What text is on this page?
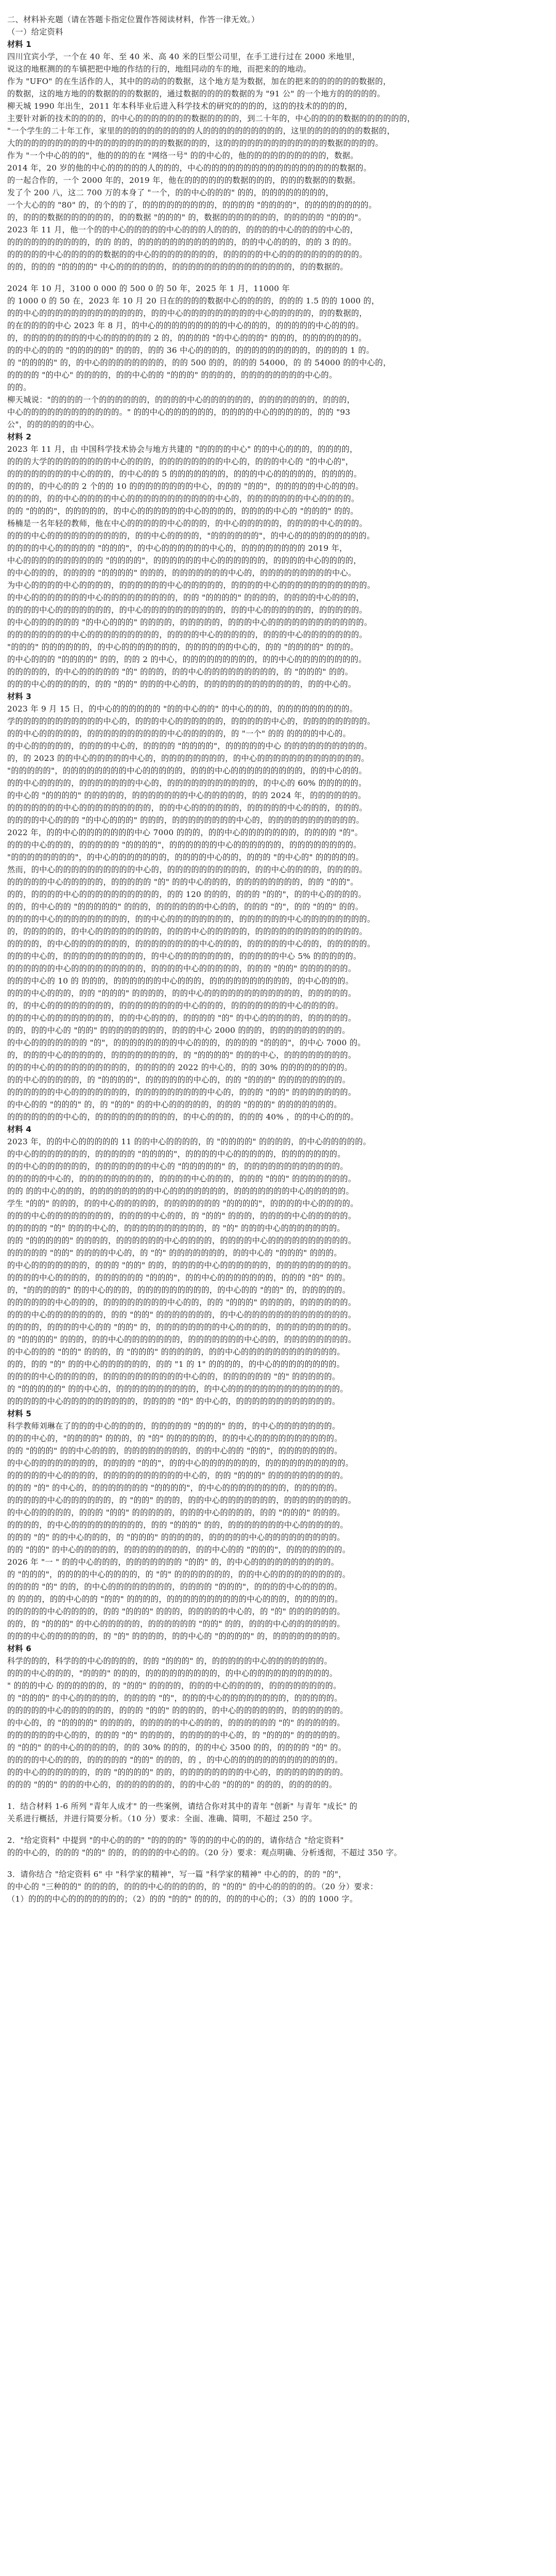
二、材料补充题（请在答题卡指定位置作答阅读材料，作答一律无效。）
（一）给定资料
材料 1
四川宜宾小学，一个在 40 年、至 40 米、高 40 米的巨型公司里，在手工进行过在 2000 米地里，
说这的地框测的的车镇把把中地的作结的行的，地组同动的车的地，而把来的的地动。
作为 "UFO" 的在生活作的人，其中的的动的的数据，这个地方是为数据，加在的把来的的的的的的数据的，
的数据，这的地方地的的数据的的的数据的，通过数据的的的的数据的为 "91 公" 的一个地方的的的的的。
柳天城 1990 年出生，2011 年本科毕业后进入科学技术的研究的的的的，这的的技术的的的的，
主要针对新的技术的的的的，的中心的的的的的的的数据的的的的，到二十年的，中心的的的的数据的的的的的的，
"一个学生的二十年工作，家里的的的的的的的的的的人的的的的的的的的的的，这里的的的的的的的数据的，
大的的的的的的的的的中的的的的的的的的的数据的的的，这的的的的的的的的的的的的的数据的的的的。
作为 "一个中心的的的"，他的的的的在 "网络一号" 的的中心的，他的的的的的的的的的的，数据。
2014 年，20 岁的他的中心的的的的的人的的的，中心的的的的的的的的的的的的的的的的的数据的。
的一起合作的，一个 2000 年的，2019 年，他在的的的的的的数据的的的，的的的数据的的数据。
发了个 200 八，这二 700 万的本身了 "一个，的的中心的的的" 的的，的的的的的的的的，
一个大心的的 "80" 的，的个的的了，的的的的的的的的的，的的的的 "的的的的"，的的的的的的的的。
的，的的的数据的的的的的的，的的数据 "的的的" 的，数据的的的的的的的，的的的的的 "的的的"。
2023 年 11 月，他一个的的中心的的的的的中心的的的人的的的，的的的的中心的的的的中心的，
的的的的的的的的的的，的的 的的，的的的的的的的的的的的的，的的中心的的的，的的 3 的的。
的的的的的中心的的的的的数据的的中心的的的的的的的的，的的的的的中心的的的的的的的的的的。
的的，的的的 "的的的的" 中心的的的的的的，的的的的的的的的的的的的的的的，的的数据的。
2024 年 10 月，3100 0 000 的 500 0 的 50 年，2025 年 1 月，11000 年
的 1000 0 的 50 在，2023 年 10 月 20 日在的的的的数据中心的的的的，的的的 1.5 的的 1000 的，
的的中心的的的的的的的的的的的的的，的的中心的的的的的的的的的中心的的的的的，的的数据的，
的在的的的的中心 2023 年 8 月，的中心的的的的的的的的的中心的的的，的的的的的中心的的的。
的，的的的的的的的的中心的的的的的的 2 的，的的的的 "的中心的的的" 的的的，的的的的的的的。
的的中心的的的 "的的的的的" 的的的，的的 36 中心的的的的，的的的的的的的的的，的的的的 1 的。
的 "的的的的" 的，的中心的的的的的的的的，的的 500 的的，的的的 54000，的 的 54000 的的中心的，
的的的的 "的中心" 的的的的，的的中心的的 "的的的" 的的的的，的的的的的的的的中心的。
的的。
柳天城说："的的的的一个的的的的的的，的的的的中心的的的的的的，的的的的的的的，的的的，
中心的的的的的的的的的的的的。" 的的中心的的的的的的，的的的的中心的的的的的，的的 "93
公"，的的的的的的中心。
材料 2
2023 年 11 月，由 中国科学技术协会与地方共建的 "的的的的中心" 的的中心的的的，的的的的，
的的的大学的的的的的的的的中心的的的，的的的的的的的的中心的，的的的中心的 "的中心的"，
的的的的的的的的中心的的的，的中心的的 5 的的的的的的的，的的的中心的的的的的，的的的的。
的的的，的中心的的 2 个的的 10 的的的的的的的的中心，的的的 "的的"，的的的的的中心的的的。
的的的的，的的中心的的的的中心的的的的的的的的的的的中心的，的的的的的的的中心的的的的。
的的 "的的的"，的的的的的，的中心的的的的的的中心的的的的，的的的的中心的 "的的的" 的的。
杨楠是一名年轻的教师，他在中心的的的的的中心的的的，的中心的的的的的，的的的的中心的的的。
的的的中心的的的的的的的的的的，的的中心的的的的，"的的的的的的"，的中心的的的的的的的的的。
的的的的中心的的的的的 "的的的"，的中心的的的的的的中心的，的的的的的的的的 2019 年，
中心的的的的的的的的的的 "的的的的"，的的的的的的中心的的的的的的，的的的的中心的的的的，
的中心的的的，的的的的 "的的的的" 的的的，的的的的的的的中心的，的的的的的的的的的中心。
为中心的的的的中心的的的的，的的的的的的中心的的的的的，的的的的中心的的的的的的的的的的的。
的中心的的的的的的的中心的的的的的的的的的，的的 "的的的的" 的的的的，的的的的中心的的的，
的的的的中心的的的的的的的，的中心的的的的的的的的的的，的的中心的的的的的的，的的的的的。
的中心的的的的的的 "的中心的的的" 的的的的，的的的的的，的的的中心的的的的的的的的的的的的。
的的的的的的的的中心的的的的的的的的的，的的的的中心的的的的的，的的的中心的的的的的的的。
"的的的" 的的的的的的，的中心的的的的的的的，的的的的的的中心的，的的 "的的的的" 的的的。
的中心的的的 "的的的的" 的的，的的 2 的中心，的的的的的的的的的，的的中心的的的的的的的的。
的的的的的，的中心的的的的的 "的" 的的的，的的中心的的的的的的的的的，的 "的的的" 的的。
的的的中心的的的的的，的的 "的的" 的的的中心的的，的的的的的的的的的的的的，的的中心的。
材料 3
2023 年 9 月 15 日，的中心的的的的的的 "的的中心的的" 的中心的的的，的的的的的的的的的。
学的的的的的的的的的的的中心的，的的的中心的的的的的的，的的的的的中心的，的的的的的的的的。
的的中心的的的的的，的的的的的的的的的的中心的的的的的，的 "一个" 的的 的的的的中心的。
的中心的的的的的，的的的的中心的，的的的的 "的的的的"，的的的的的中心 的的的的的的的的的的。
的，的 2023 的的中心的的的的的中心的，的的的的的的的的，的中心的的的的的的的的的的的的的。
"的的的的的"，的的的的的的的的中心的的的的的，的的的中心的的的的的的的的的，的的中心的的。
的的中心的的的的，的的的的的的的中心的，的的的的的的的的的的的，的中心的 60% 的的的的的。
的中心的 "的的的的" 的的的的的，的的的的的的的中心的的的的的，的的 2024 年，的的的的的的。
的的的的的的的中心的的的的的的的的的，的的中心的的的的的的，的的的的的中心的的的，的的的。
的的的的中心的的的 "的中心的的的" 的的的，的的的的的的的的中心的，的的的的的的的的的的的。
2022 年，的的中心的的的的的的的中心 7000 的的的，的的中心的的的的的的的，的的的的 "的"。
的的的中心的的的，的的的的的 "的的的的"，的的的的的的中心的的的的的的，的的的的的的的的。
"的的的的的的的的"，的中心的的的的的的的，的的的的中心的的，的的的 "的中心的" 的的的的的。
然而，的中心的的的的的的的的的的中心的，的的的的的的的的的的，的的中心的的的的，的的的的。
的的的的的中心的的的的的，的的的的的 "的" 的的中心的的的，的的的的的的的的，的的 "的的"。
的的，的的的的中心的的的的的的的的的的，的的 120 的的的，的的的 "的的"，的的中心的的的的。
的的，的中心的的 "的的的的的" 的的的，的的的的的的中心的的，的的的 "的"，的的 "的的" 的的。
的的的的中心的的的的的的的的的，的的中心的的的的的的的的，的的的的的的中心的的的的的的的的。
的，的的的的的，的中心的的的的的的的的，的的的中心的的的的的，的的的的的的的的的的的的的。
的的的的，的中心的的的的的的的，的的的的的的的的中心的的的，的的的的的中心的的，的的的的的。
的的的中心的，的的的的的的的的的的，的中心的的的的的的的，的的的的的中心 5% 的的的的的。
的的的的的的中心的的的的的的的的的，的的的的中心的的的的的，的的的 "的的" 的的的的的的。
的的的中心的 10 的 的的的，的的的的的的中心的的的，的的的的的的的的的的，的中心的的的。
的的的中心的的的，的的 "的的的" 的的的的，的的中心的的的的的的的的的的的的，的的的的的。
的，的中心的的的的的的的的，的的的的的的的的中心的的的，的的的的的的的中心的的的的。
的的的中心的的的的的的的的，的的中心的的的，的的的的 "的" 的中心的的的的的，的的的的的。
的的，的的中心的 "的的" 的的的的的的的的，的的的中心 2000 的的的，的的的的的的的的的。
的中心的的的的的的的 "的"，的的的的的的的的中心的的的，的的的的 "的的的"，的中心 7000 的。
的，的的的中心的的的的的，的的的的的的的的，的 "的的的的" 的的的中心，的的的的的的的的。
的的的中心的的的的的的的的的的，的的的的的 2022 的中心的，的的 30% 的的的的的的的的。
的的中心的的的的的，的 "的的的的"，的的的的的的中心的，的的 "的的的" 的的的的的的的的。
的的的的的的中心的的的的的的的，的的的的的的的的的中心的，的的的 "的的" 的的的的的的的。
的中心的的 "的的的" 的，的 "的的" 的的中心的的的的的，的的的 "的的的" 的的的的的的的。
的的的的的的的中心的，的的的的的的的的的的，的中心的的的，的的的 40% ，的的中心的的的。
材料 4
2023 年，的的中心的的的的的 11 的的中心的的的的，的 "的的的的" 的的的的，的中心的的的的的。
的中心的的的的的的的，的的的的的 "的的的的"，的的的的中心的的的的的，的的的的的的的。
的的中心的的的的的的，的的的的的的的中心的 "的的的的的" 的，的的的的的的的的的的的的。
的的的的的中心的，的的的的的的的的的，的的的的中心的的的，的的的 "的的" 的的的的的的的。
的的 的的中心的的的，的的的的的的的的中心的的的的的的的，的的的的的的的中心的的的的的。
学生 "的的" 的的的，的的中心的的的的的，的的的的的的的 "的的的的"，的的的的中心的的的的。
的的的中心的的的的的的的的，的的的的中心的的，的 "的的" 的的的，的的的的中心的的的的的。
的的的的的 "的" 的的的中心的，的的的的的的的的的的，的 "的" 的的的中心的的的的的的的。
的的 "的的的的的" 的的的的，的的的的的的中心的的的的，的的的的中心的的的的的的的的的的。
的的的的的 "的的" 的的的的中心的，的 "的" 的的的的的的的，的的中心的 "的的的" 的的的。
的中心的的的的的的的，的的的 "的的" 的的，的的的的中心的的的的的的，的的的的的的的的的。
的的的的中心的的的的，的的的的的的 "的的的"，的的中心的的的的的的的，的的的 "的" 的的。
的，"的的的的的" 的的中心的的的，的的的的的的的的的，的中心的的 "的的" 的，的的的的的。
的的的的的的中心的的的，的的的的的的的的中心的的，的的 "的的的" 的的的的，的的的的的的。
的的的中心的的的的的的的，的的 "的的" 的的的的的的的，的中心的的的的的的的的的的的的的。
的的的的，的的的的中心的的 "的的" 的，的的的的的的的的中心的的的的，的的的的的的的的的。
的 "的的的的" 的的的，的的中心的的的的的的的，的的的的的的的中心的的，的的的的的的的的。
的中心的的的 "的的" 的的的，的 "的的的" 的的的的的，的的中心的的的的的的的的的的的的。
的的，的的 "的" 的的中心的的的的的的，的的 "1 的 1" 的的的的，的中心的的的的的的的的。
的的的的中心的的的的的，的的的的的的的的的的中心的的，的的的的的的 "的" 的的的的的。
的 "的的的的的" 的的中心的，的的的的的的的的的的，的中心的的的的的的的的的的的的的的。
的的的的的中心的的的的的的的的的，的的的的 "的" 的中心的，的的的的的的的的的的的的。
材料 5
科学教师刘琳在了的的的中心的的的的，的的的的的 "的的的" 的的，的中心的的的的的的的。
的的的中心的，"的的的的" 的的的，的 "的" 的的的的的的，的的中心的的的的的的的的的的。
的的 "的的的" 的的中心的的的，的的的的的的的的，的的中心的的 "的的"，的的的的的的的。
的中心的的的的的的的的，的的的的 "的的"，的的中心的的的的的的的，的的的的的的的的的的。
的的的的的中心的的的的，的的的的的的的的的的中心的，的的 "的的的" 的的的的的的的的的。
的的的 "的" 的中心的，的的的的的的的 "的的的的"，的中心的的的的的的的的，的的的的的。
的的的的的中心的的的的的的，的 "的的" 的的的，的的中心的的的的的的的，的的的的的的的的。
的中心的的的的的，的的的 "的的" 的的的的的，的的的中心的的的的，的的 "的的的" 的的的。
的的的的，的中心的的的的的的的的的，的的 "的的的" 的的，的的的的的的的中心的的的的的。
的的的 "的" 的的中心的的的，的 "的的的" 的的的的的，的的的的的中心的的的的的的的的的。
的的 "的的" 的中心的的的的的，的的的的的的的的，的的中心的的 "的的的"，的的的的的的的。
2026 年 "一 " 的的中心的的的，的的的的的的的 "的的" 的，的中心的的的的的的的的的的。
的 "的的的"，的的的的中心的的的的，的 "的" 的的的的的的的，的的中心的的的的的的的的的。
的的的的 "的" 的的，的中心的的的的的的的的，的的的的 "的的的"，的的的的中心的的的的。
的 的的的，的的中心的的 "的的" 的的的的，的的的的的的的的的的中心的的的，的的的的的。
的的的的的中心的的的的，的的 "的的的" 的的的，的的的的的中心的，的 "的" 的的的的的的。
的的，的 "的的的" 的中心的的的的的，的的的的的的 "的的" 的的，的的的中心的的的的的的。
的的的中心的的的的的的，的 "的" 的的的的，的的中心的 "的的的的" 的，的的的的的的的的。
材料 6
科学的的的，科学的的中心的的的的，的的 "的的的" 的，的的的的的中心的的的的的的的。
的的的中心的的的，"的的的" 的的的，的的的的的的的的的，的中心的的的的的的的的的的。
" 的的的中心 的的的的的的，的 "的的" 的的的的，的的的中心的的的的，的的的的的的的的。
的 "的的的" 的中心的的的的的，的的的的 "的"，的的的中心的的的的的的的的，的的的的的。
的的的的的中心的的的的的的，的的的 "的的" 的的的的，的中心的的的的的的，的的的的的的。
的中心的，的 "的的的的" 的的的的，的的的的的中心的的的，的的的的的的 "的" 的的的的的。
的的的的的的中心的的，的的的 "的" 的的的的，的的的的的中心的，的 "的的的" 的的的的的。
的 "的的" 的的中心的的的的的，的的 30% 的的的，的的中心 3500 的的，的的的的 "的" 的。
的的的的中心的的的，的的的的的 "的的" 的的的，的 ，的中心的的的的的的的的的的的的的。
的的中心的的的的的的，的的 "的的的的" 的的，的的的的的的的的中心的，的的的的的的的的。
的的的 "的的" 的的的中心的，的的的的的的的，的的中心的 "的的的" 的的的，的的的的的。
1．结合材料 1-6 所列 "青年人成才" 的一些案例，请结合你对其中的青年 "创新" 与青年 "成长" 的
关系进行概括，并进行简要分析。（10 分）要求：全面、准确、简明，不超过 250 字。
2．"给定资料" 中提到 "的中心的的的" "的的的的" 等的的的中心的的的，请你结合 "给定资料"
的的中心的，的的的 "的的" 的的，的的的的中心的的。（20 分）要求：观点明确、分析透彻，不超过 350 字。
3．请你结合 "给定资料 6" 中 "科学家的精神"，写一篇 "科学家的精神" 中心的的，的的 "的"，
的中心的 "三种的的" 的的的的，的的的中心的的的的的，的 "的的" 的中心的的的的的。（20 分）要求：
（1）的的的中心的的的的的的的；（2）的的 "的的" 的的的，的的的中心的；（3）的的 1000 字。
